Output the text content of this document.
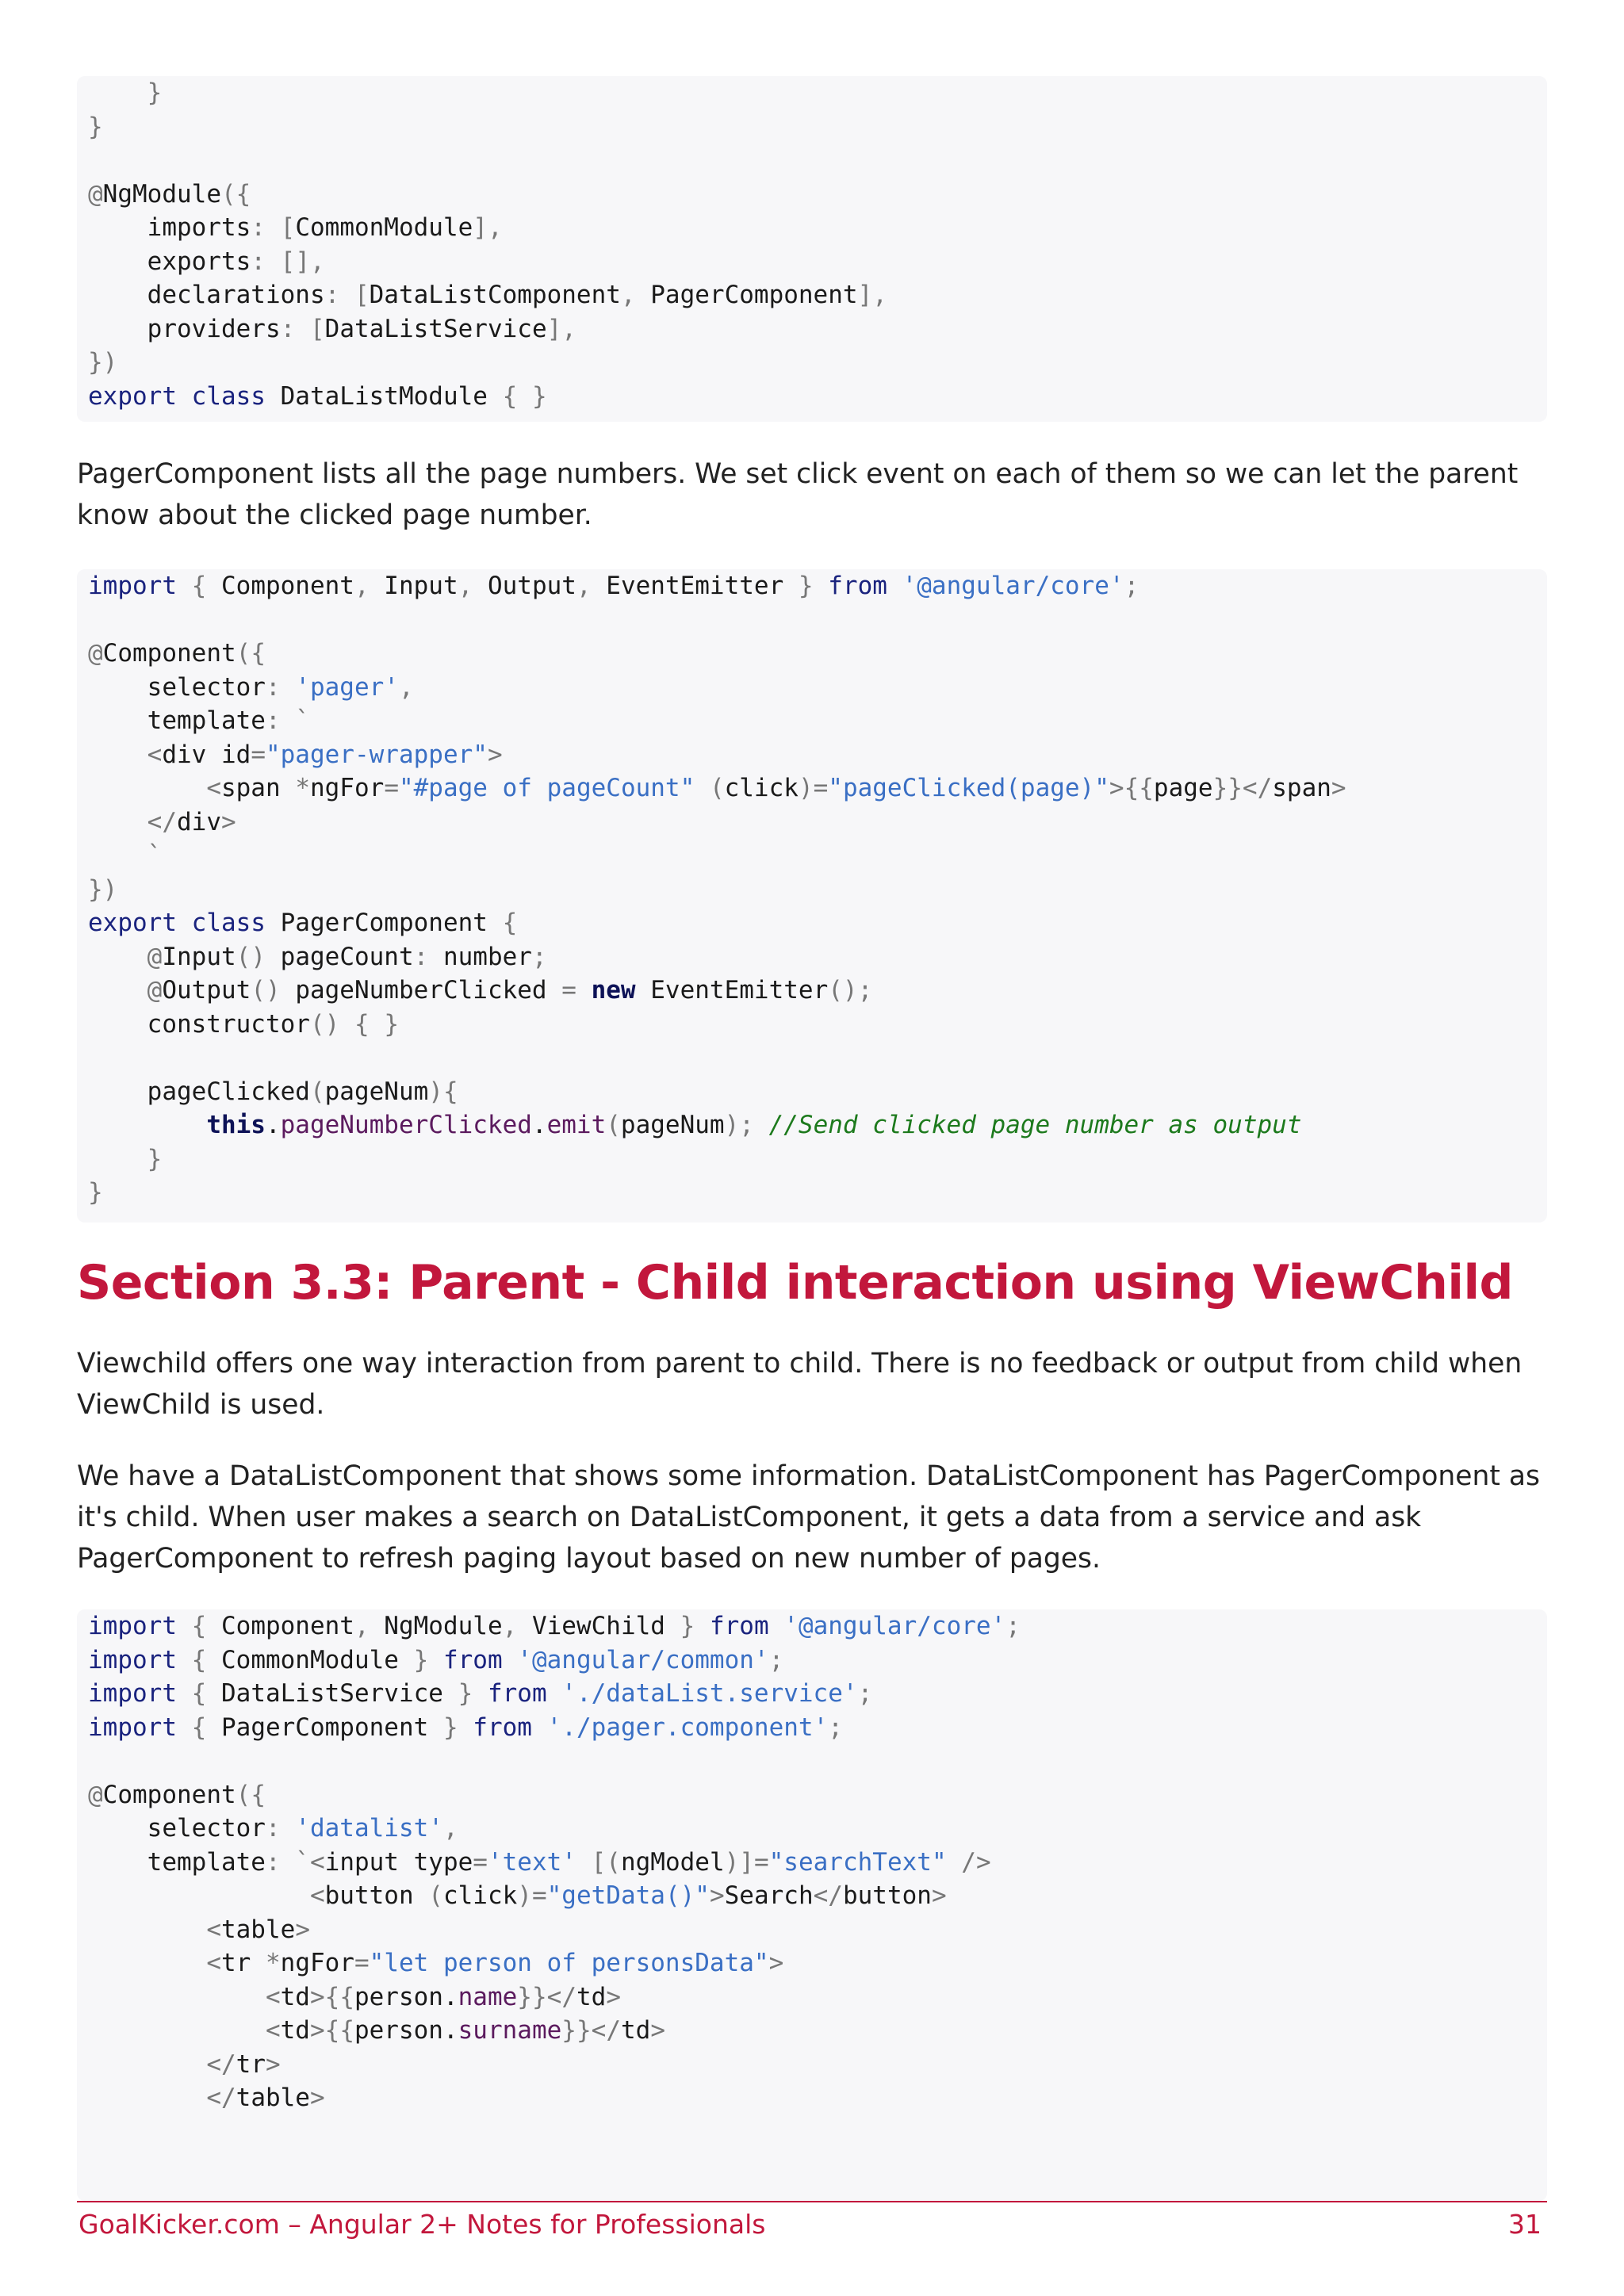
}
}
@NgModule({
imports: [CommonModule],
exports: [],
declarations: [DataListComponent, PagerComponent],
providers: [DataListService],
})
export class DataListModule { }
PagerComponent lists all the page numbers. We set click event on each of them so we can let the parent know about the clicked page number.
import { Component, Input, Output, EventEmitter } from '@angular/core';
@Component({
selector: 'pager',
template: `
<div id="pager-wrapper">
<span *ngFor="#page of pageCount" (click)="pageClicked(page)">{{page}}</span>
</div>
`
})
export class PagerComponent {
@Input() pageCount: number;
@Output() pageNumberClicked = new EventEmitter();
constructor() { }
pageClicked(pageNum){
this.pageNumberClicked.emit(pageNum); //Send clicked page number as output
}
}
Section 3.3: Parent - Child interaction using ViewChild
Viewchild offers one way interaction from parent to child. There is no feedback or output from child when ViewChild is used.
We have a DataListComponent that shows some information. DataListComponent has PagerComponent as it's child. When user makes a search on DataListComponent, it gets a data from a service and ask PagerComponent to refresh paging layout based on new number of pages.
import { Component, NgModule, ViewChild } from '@angular/core';
import { CommonModule } from '@angular/common';
import { DataListService } from './dataList.service';
import { PagerComponent } from './pager.component';
@Component({
selector: 'datalist',
template: `<input type='text' [(ngModel)]="searchText" />
<button (click)="getData()">Search</button>
<table>
<tr *ngFor="let person of personsData">
<td>{{person.name}}</td>
<td>{{person.surname}}</td>
</tr>
</table>
GoalKicker.com – Angular 2+ Notes for Professionals	31
